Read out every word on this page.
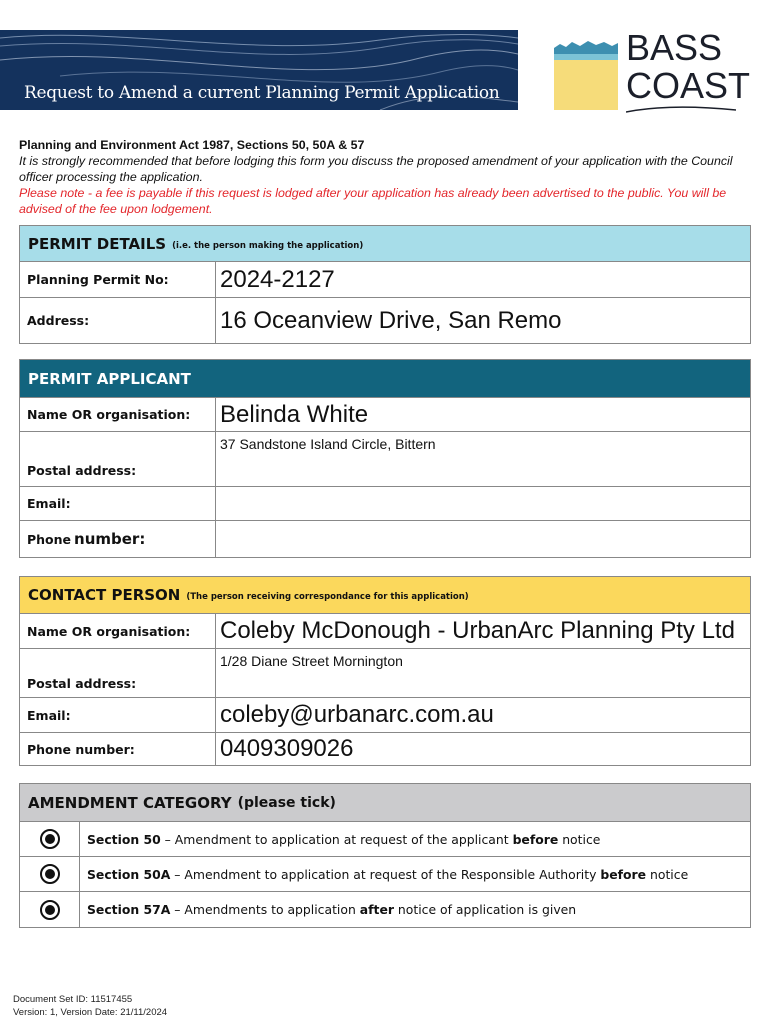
Request to Amend a current Planning Permit Application
BASS
COAST
Planning and Environment Act 1987, Sections 50, 50A & 57
It is strongly recommended that before lodging this form you discuss the proposed amendment of your application with the Council officer processing the application.
Please note - a fee is payable if this request is lodged after your application has already been advertised to the public. You will be advised of the fee upon lodgement.
PERMIT DETAILS (i.e. the person making the application)
Planning Permit No:	2024-2127
Address:	16 Oceanview Drive, San Remo
PERMIT APPLICANT
Name OR organisation:	Belinda White
Postal address:
37 Sandstone Island Circle, Bittern
Email:
Phone number:
CONTACT PERSON (The person receiving correspondance for this application)
Name OR organisation:	Coleby McDonough - UrbanArc Planning Pty Ltd
Postal address:
1/28 Diane Street Mornington
Email:	coleby@urbanarc.com.au
Phone number:	0409309026
AMENDMENT CATEGORY (please tick)
Section 50 – Amendment to application at request of the applicant before notice
Section 50A – Amendment to application at request of the Responsible Authority before notice
Section 57A – Amendments to application after notice of application is given
Document Set ID: 11517455
Version: 1, Version Date: 21/11/2024
